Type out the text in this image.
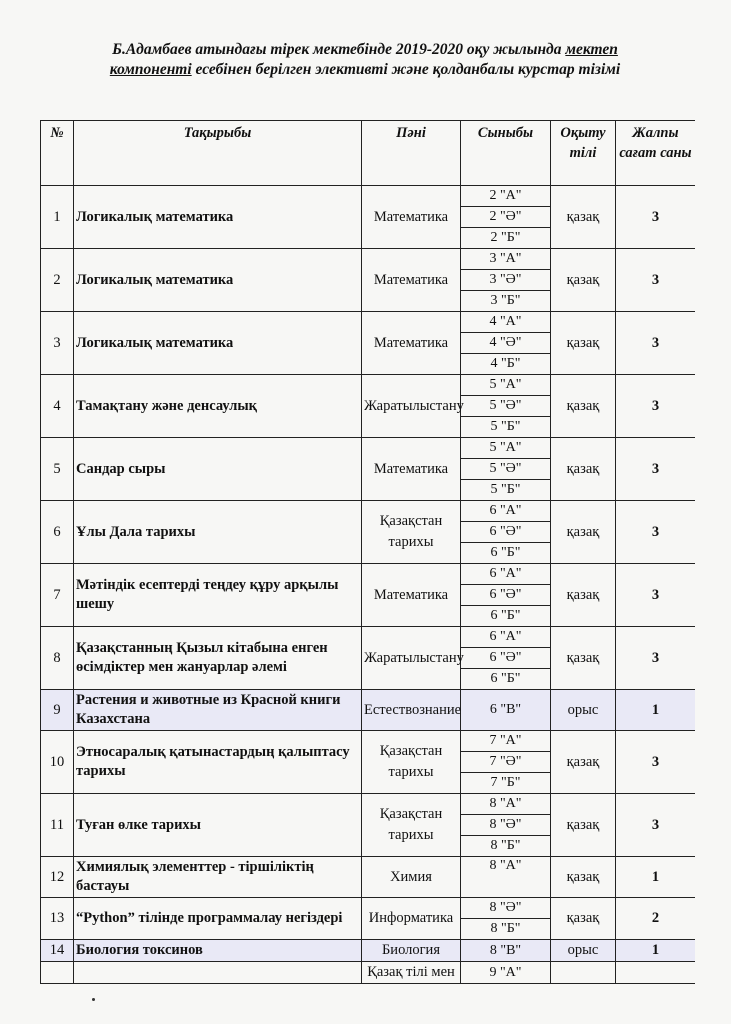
Б.Адамбаев атындағы тірек мектебінде 2019-2020 оқу жылында мектеп
компоненті есебінен берілген элективті және қолданбалы курстар тізімі
№	Тақырыбы	Пәні	Сыныбы	Оқыту тілі	Жалпы сағат саны
1	Логикалық математика	Математика	2 "А"	қазақ	3
			2 "Ә"		
			2 "Б"		
2	Логикалық математика	Математика	3 "А"	қазақ	3
			3 "Ә"		
			3 "Б"		
3	Логикалық математика	Математика	4 "А"	қазақ	3
			4 "Ә"		
			4 "Б"		
4	Тамақтану және денсаулық	Жаратылыстану	5 "А"	қазақ	3
			5 "Ә"		
			5 "Б"		
5	Сандар сыры	Математика	5 "А"	қазақ	3
			5 "Ә"		
			5 "Б"		
6	Ұлы Дала тарихы	Қазақстан тарихы	6 "А"	қазақ	3
			6 "Ә"		
			6 "Б"		
7	Мәтіндік есептерді теңдеу құру арқылы шешу	Математика	6 "А"	қазақ	3
			6 "Ә"		
			6 "Б"		
8	Қазақстанның Қызыл кітабына енген өсімдіктер мен жануарлар әлемі	Жаратылыстану	6 "А"	қазақ	3
			6 "Ә"		
			6 "Б"		
9	Растения и животные из Красной книги Казахстана	Естествознание	6 "В"	орыс	1
10	Этносаралық қатынастардың қалыптасу тарихы	Қазақстан тарихы	7 "А"	қазақ	3
			7 "Ә"		
			7 "Б"		
11	Туған өлке тарихы	Қазақстан тарихы	8 "А"	қазақ	3
			8 "Ә"		
			8 "Б"		
12	Химиялық элементтер - тіршіліктің бастауы	Химия	8 "А"	қазақ	1
13	“Python” тілінде программалау негіздері	Информатика	8 "Ә"	қазақ	2
			8 "Б"		
14	Биология токсинов	Биология	8 "В"	орыс	1
		Қазақ тілі мен	9 "А"		
